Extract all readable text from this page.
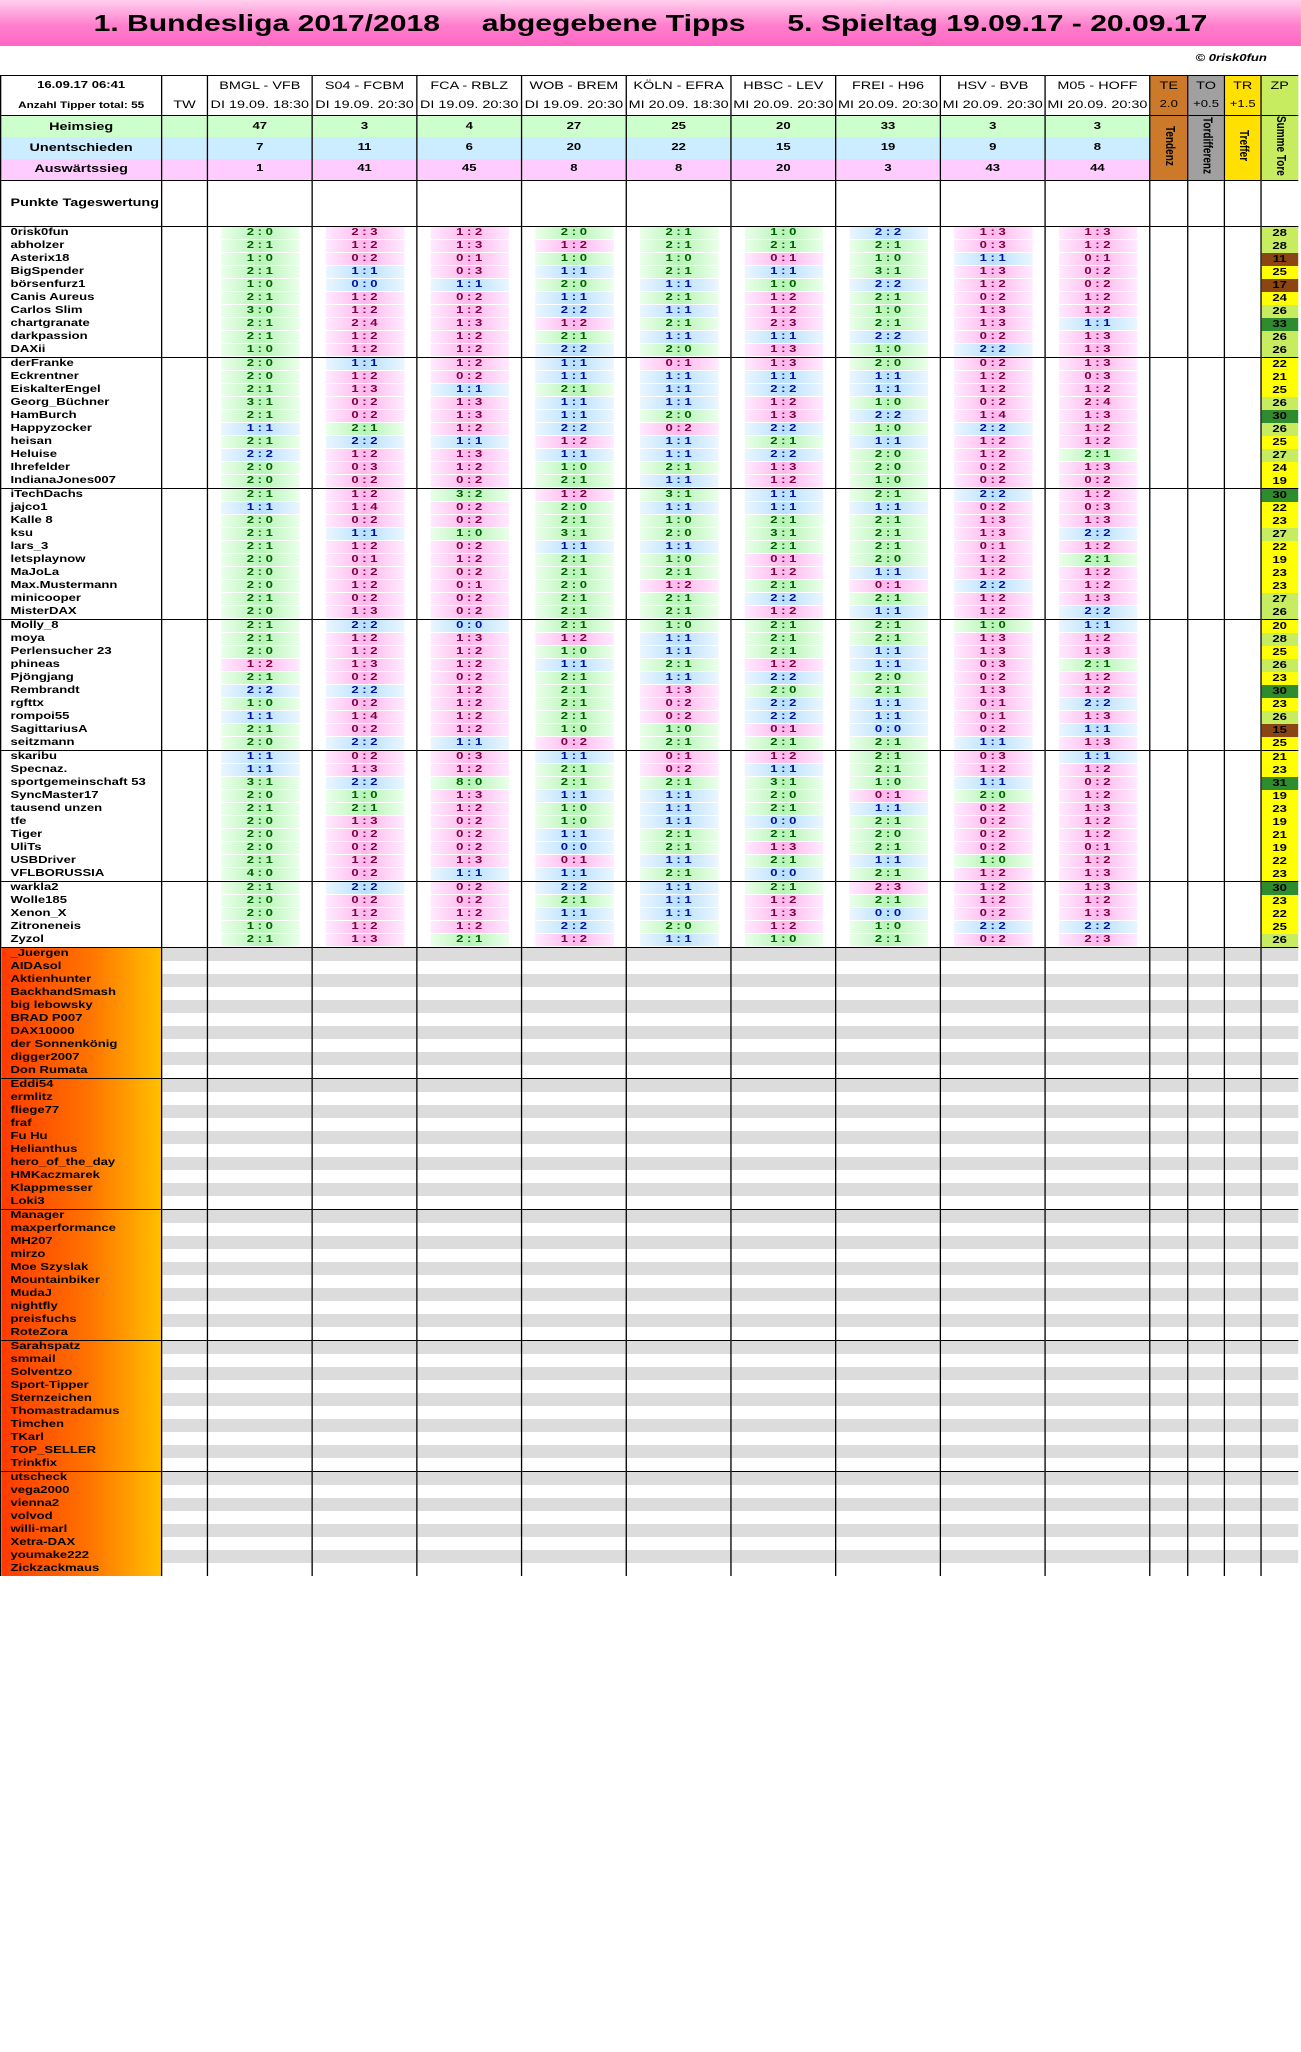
1. Bundesliga 2017/2018 abgegebene Tipps 5. Spieltag 19.09.17 - 20.09.17
© 0risk0fun
16.09.17 06:41		BMGL - VFB	S04 - FCBM	FCA - RBLZ	WOB - BREM	KÖLN - EFRA	HBSC - LEV	FREI - H96	HSV - BVB	M05 - HOFF	TE	TO	TR	ZP
Anzahl Tipper total: 55	TW	DI 19.09. 18:30	DI 19.09. 20:30	DI 19.09. 20:30	DI 19.09. 20:30	MI 20.09. 18:30	MI 20.09. 20:30	MI 20.09. 20:30	MI 20.09. 20:30	MI 20.09. 20:30	2.0	+0.5	+1.5	
Heimsieg		47	3	4	27	25	20	33	3	3	Tendenz	Tordifferenz	Treffer	Summe Tore
Unentschieden		7	11	6	20	22	15	19	9	8				
Auswärtssieg		1	41	45	8	8	20	3	43	44				
Punkte Tageswertung														
0risk0fun		2 : 0	2 : 3	1 : 2	2 : 0	2 : 1	1 : 0	2 : 2	1 : 3	1 : 3				28

abholzer		2 : 1	1 : 2	1 : 3	1 : 2	2 : 1	2 : 1	2 : 1	0 : 3	1 : 2				28

Asterix18		1 : 0	0 : 2	0 : 1	1 : 0	1 : 0	0 : 1	1 : 0	1 : 1	0 : 1				11

BigSpender		2 : 1	1 : 1	0 : 3	1 : 1	2 : 1	1 : 1	3 : 1	1 : 3	0 : 2				25

börsenfurz1		1 : 0	0 : 0	1 : 1	2 : 0	1 : 1	1 : 0	2 : 2	1 : 2	0 : 2				17

Canis Aureus		2 : 1	1 : 2	0 : 2	1 : 1	2 : 1	1 : 2	2 : 1	0 : 2	1 : 2				24

Carlos Slim		3 : 0	1 : 2	1 : 2	2 : 2	1 : 1	1 : 2	1 : 0	1 : 3	1 : 2				26

chartgranate		2 : 1	2 : 4	1 : 3	1 : 2	2 : 1	2 : 3	2 : 1	1 : 3	1 : 1				33

darkpassion		2 : 1	1 : 2	1 : 2	2 : 1	1 : 1	1 : 1	2 : 2	0 : 2	1 : 3				26

DAXii		1 : 0	1 : 2	1 : 2	2 : 2	2 : 0	1 : 3	1 : 0	2 : 2	1 : 3				26

derFranke		2 : 0	1 : 1	1 : 2	1 : 1	0 : 1	1 : 3	2 : 0	0 : 2	1 : 3				22

Eckrentner		2 : 0	1 : 2	0 : 2	1 : 1	1 : 1	1 : 1	1 : 1	1 : 2	0 : 3				21

EiskalterEngel		2 : 1	1 : 3	1 : 1	2 : 1	1 : 1	2 : 2	1 : 1	1 : 2	1 : 2				25

Georg_Büchner		3 : 1	0 : 2	1 : 3	1 : 1	1 : 1	1 : 2	1 : 0	0 : 2	2 : 4				26

HamBurch		2 : 1	0 : 2	1 : 3	1 : 1	2 : 0	1 : 3	2 : 2	1 : 4	1 : 3				30

Happyzocker		1 : 1	2 : 1	1 : 2	2 : 2	0 : 2	2 : 2	1 : 0	2 : 2	1 : 2				26

heisan		2 : 1	2 : 2	1 : 1	1 : 2	1 : 1	2 : 1	1 : 1	1 : 2	1 : 2				25

Heluise		2 : 2	1 : 2	1 : 3	1 : 1	1 : 1	2 : 2	2 : 0	1 : 2	2 : 1				27

Ihrefelder		2 : 0	0 : 3	1 : 2	1 : 0	2 : 1	1 : 3	2 : 0	0 : 2	1 : 3				24

IndianaJones007		2 : 0	0 : 2	0 : 2	2 : 1	1 : 1	1 : 2	1 : 0	0 : 2	0 : 2				19

iTechDachs		2 : 1	1 : 2	3 : 2	1 : 2	3 : 1	1 : 1	2 : 1	2 : 2	1 : 2				30

jajco1		1 : 1	1 : 4	0 : 2	2 : 0	1 : 1	1 : 1	1 : 1	0 : 2	0 : 3				22

Kalle 8		2 : 0	0 : 2	0 : 2	2 : 1	1 : 0	2 : 1	2 : 1	1 : 3	1 : 3				23

ksu		2 : 1	1 : 1	1 : 0	3 : 1	2 : 0	3 : 1	2 : 1	1 : 3	2 : 2				27

lars_3		2 : 1	1 : 2	0 : 2	1 : 1	1 : 1	2 : 1	2 : 1	0 : 1	1 : 2				22

letsplaynow		2 : 0	0 : 1	1 : 2	2 : 1	1 : 0	0 : 1	2 : 0	1 : 2	2 : 1				19

MaJoLa		2 : 0	0 : 2	0 : 2	2 : 1	2 : 1	1 : 2	1 : 1	1 : 2	1 : 2				23

Max.Mustermann		2 : 0	1 : 2	0 : 1	2 : 0	1 : 2	2 : 1	0 : 1	2 : 2	1 : 2				23

minicooper		2 : 1	0 : 2	0 : 2	2 : 1	2 : 1	2 : 2	2 : 1	1 : 2	1 : 3				27

MisterDAX		2 : 0	1 : 3	0 : 2	2 : 1	2 : 1	1 : 2	1 : 1	1 : 2	2 : 2				26

Molly_8		2 : 1	2 : 2	0 : 0	2 : 1	1 : 0	2 : 1	2 : 1	1 : 0	1 : 1				20

moya		2 : 1	1 : 2	1 : 3	1 : 2	1 : 1	2 : 1	2 : 1	1 : 3	1 : 2				28

Perlensucher 23		2 : 0	1 : 2	1 : 2	1 : 0	1 : 1	2 : 1	1 : 1	1 : 3	1 : 3				25

phineas		1 : 2	1 : 3	1 : 2	1 : 1	2 : 1	1 : 2	1 : 1	0 : 3	2 : 1				26

Pjöngjang		2 : 1	0 : 2	0 : 2	2 : 1	1 : 1	2 : 2	2 : 0	0 : 2	1 : 2				23

Rembrandt		2 : 2	2 : 2	1 : 2	2 : 1	1 : 3	2 : 0	2 : 1	1 : 3	1 : 2				30

rgfttx		1 : 0	0 : 2	1 : 2	2 : 1	0 : 2	2 : 2	1 : 1	0 : 1	2 : 2				23

rompoi55		1 : 1	1 : 4	1 : 2	2 : 1	0 : 2	2 : 2	1 : 1	0 : 1	1 : 3				26

SagittariusA		2 : 1	0 : 2	1 : 2	1 : 0	1 : 0	0 : 1	0 : 0	0 : 2	1 : 1				15

seitzmann		2 : 0	2 : 2	1 : 1	0 : 2	2 : 1	2 : 1	2 : 1	1 : 1	1 : 3				25

skaribu		1 : 1	0 : 2	0 : 3	1 : 1	0 : 1	1 : 2	2 : 1	0 : 3	1 : 1				21

Specnaz.		1 : 1	1 : 3	1 : 2	2 : 1	0 : 2	1 : 1	2 : 1	1 : 2	1 : 2				23

sportgemeinschaft 53		3 : 1	2 : 2	8 : 0	2 : 1	2 : 1	3 : 1	1 : 0	1 : 1	0 : 2				31

SyncMaster17		2 : 0	1 : 0	1 : 3	1 : 1	1 : 1	2 : 0	0 : 1	2 : 0	1 : 2				19

tausend unzen		2 : 1	2 : 1	1 : 2	1 : 0	1 : 1	2 : 1	1 : 1	0 : 2	1 : 3				23

tfe		2 : 0	1 : 3	0 : 2	1 : 0	1 : 1	0 : 0	2 : 1	0 : 2	1 : 2				19

Tiger		2 : 0	0 : 2	0 : 2	1 : 1	2 : 1	2 : 1	2 : 0	0 : 2	1 : 2				21

UliTs		2 : 0	0 : 2	0 : 2	0 : 0	2 : 1	1 : 3	2 : 1	0 : 2	0 : 1				19

USBDriver		2 : 1	1 : 2	1 : 3	0 : 1	1 : 1	2 : 1	1 : 1	1 : 0	1 : 2				22

VFLBORUSSIA		4 : 0	0 : 2	1 : 1	1 : 1	2 : 1	0 : 0	2 : 1	1 : 2	1 : 3				23

warkla2		2 : 1	2 : 2	0 : 2	2 : 2	1 : 1	2 : 1	2 : 3	1 : 2	1 : 3				30

Wolle185		2 : 0	0 : 2	0 : 2	2 : 1	1 : 1	1 : 2	2 : 1	1 : 2	1 : 2				23

Xenon_X		2 : 0	1 : 2	1 : 2	1 : 1	1 : 1	1 : 3	0 : 0	0 : 2	1 : 3				22

Zitroneneis		1 : 0	1 : 2	1 : 2	2 : 2	2 : 0	1 : 2	1 : 0	2 : 2	2 : 2				25

Zyzol		2 : 1	1 : 3	2 : 1	1 : 2	1 : 1	1 : 0	2 : 1	0 : 2	2 : 3				26

_Juergen														
AIDAsol														
Aktienhunter														
BackhandSmash														
big lebowsky														
BRAD P007														
DAX10000														
der Sonnenkönig														
digger2007														
Don Rumata														
Eddi54														
ermlitz														
fliege77														
fraf														
Fu Hu														
Helianthus														
hero_of_the_day														
HMKaczmarek														
Klappmesser														
Loki3														
Manager														
maxperformance														
MH207														
mirzo														
Moe Szyslak														
Mountainbiker														
MudaJ														
nightfly														
preisfuchs														
RoteZora														
Sarahspatz														
smmail														
Solventzo														
Sport-Tipper														
Sternzeichen														
Thomastradamus														
Timchen														
TKarl														
TOP_SELLER														
Trinkfix														
utscheck														
vega2000														
vienna2														
volvod														
willi-marl														
Xetra-DAX														
youmake222														
Zickzackmaus														
